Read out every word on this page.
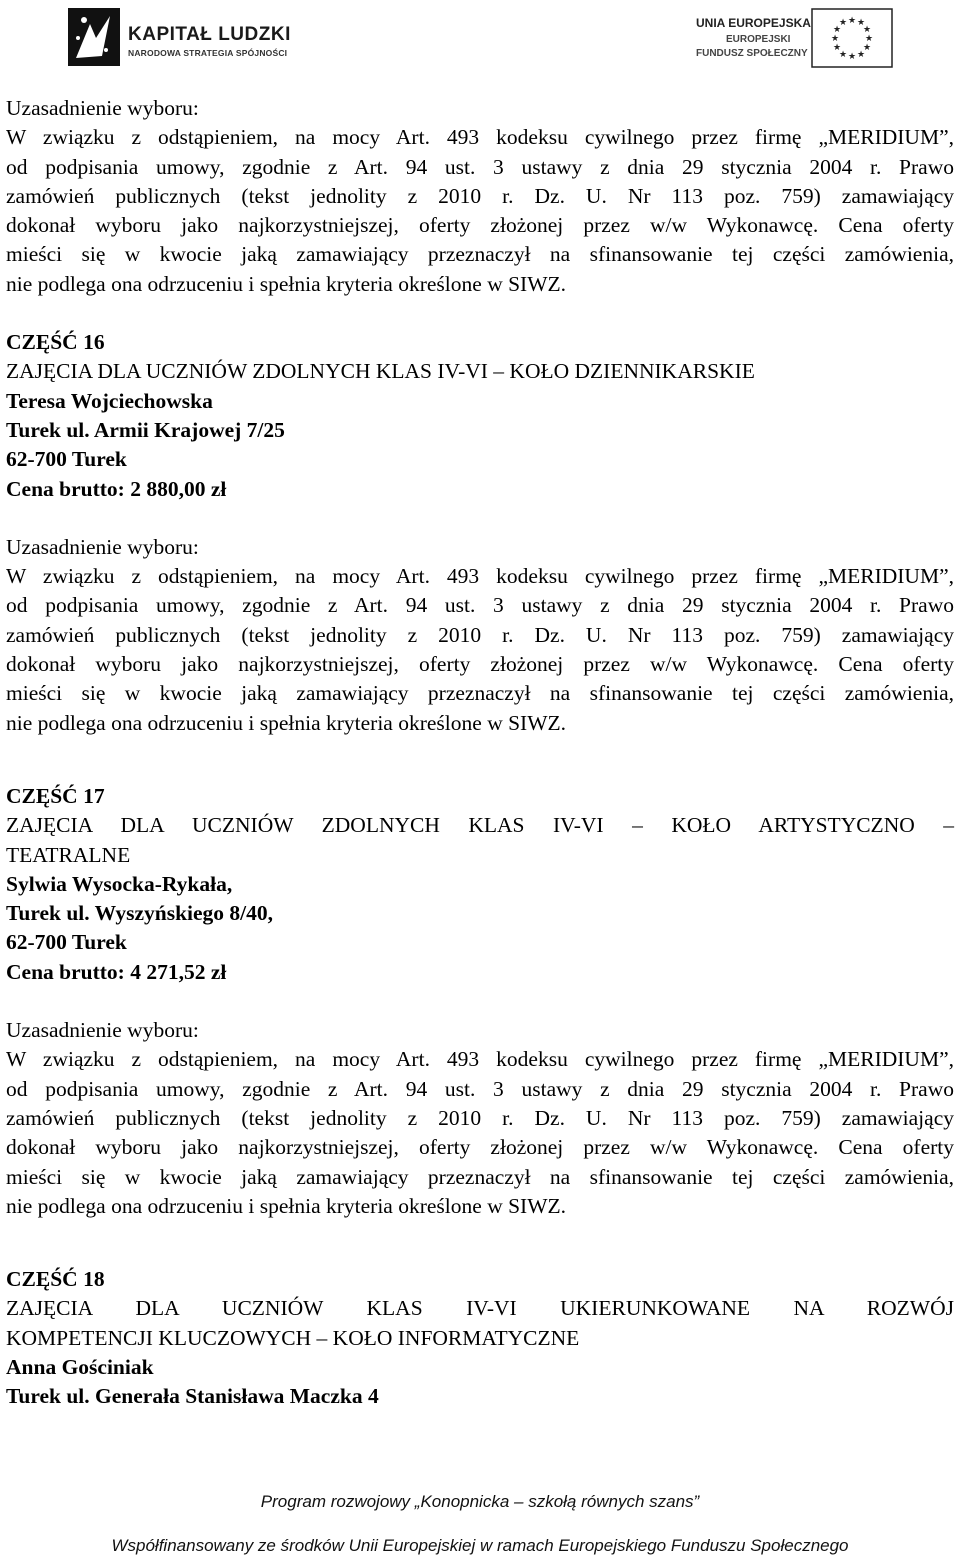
KAPITAŁ LUDZKI
NARODOWA STRATEGIA SPÓJNOŚCI
UNIA EUROPEJSKA
EUROPEJSKI
FUNDUSZ SPOŁECZNY
★ ★
★
★
★
★
★
★
★
★
★
★

Uzasadnienie wyboru:

W związku z odstąpieniem, na mocy Art. 493 kodeksu cywilnego przez firmę „MERIDIUM”,

od podpisania umowy, zgodnie z Art. 94 ust. 3 ustawy z dnia 29 stycznia 2004 r. Prawo

zamówień publicznych (tekst jednolity z 2010 r. Dz. U. Nr 113 poz. 759) zamawiający

dokonał wyboru jako najkorzystniejszej, oferty złożonej przez w/w Wykonawcę. Cena oferty

mieści się w kwocie jaką zamawiający przeznaczył na sfinansowanie tej części zamówienia,

nie podlega ona odrzuceniu i spełnia kryteria określone w SIWZ.

CZĘŚĆ 16

ZAJĘCIA DLA UCZNIÓW ZDOLNYCH KLAS IV-VI – KOŁO DZIENNIKARSKIE

Teresa Wojciechowska

Turek ul. Armii Krajowej 7/25

62-700 Turek

Cena brutto: 2 880,00 zł

Uzasadnienie wyboru:

W związku z odstąpieniem, na mocy Art. 493 kodeksu cywilnego przez firmę „MERIDIUM”,

od podpisania umowy, zgodnie z Art. 94 ust. 3 ustawy z dnia 29 stycznia 2004 r. Prawo

zamówień publicznych (tekst jednolity z 2010 r. Dz. U. Nr 113 poz. 759) zamawiający

dokonał wyboru jako najkorzystniejszej, oferty złożonej przez w/w Wykonawcę. Cena oferty

mieści się w kwocie jaką zamawiający przeznaczył na sfinansowanie tej części zamówienia,

nie podlega ona odrzuceniu i spełnia kryteria określone w SIWZ.

CZĘŚĆ 17

ZAJĘCIA DLA UCZNIÓW ZDOLNYCH KLAS IV-VI – KOŁO ARTYSTYCZNO –

TEATRALNE

Sylwia Wysocka-Rykała,

Turek ul. Wyszyńskiego 8/40,

62-700 Turek

Cena brutto: 4 271,52 zł

Uzasadnienie wyboru:

W związku z odstąpieniem, na mocy Art. 493 kodeksu cywilnego przez firmę „MERIDIUM”,

od podpisania umowy, zgodnie z Art. 94 ust. 3 ustawy z dnia 29 stycznia 2004 r. Prawo

zamówień publicznych (tekst jednolity z 2010 r. Dz. U. Nr 113 poz. 759) zamawiający

dokonał wyboru jako najkorzystniejszej, oferty złożonej przez w/w Wykonawcę. Cena oferty

mieści się w kwocie jaką zamawiający przeznaczył na sfinansowanie tej części zamówienia,

nie podlega ona odrzuceniu i spełnia kryteria określone w SIWZ.

CZĘŚĆ 18

ZAJĘCIA DLA UCZNIÓW KLAS IV-VI UKIERUNKOWANE NA ROZWÓJ

KOMPETENCJI KLUCZOWYCH – KOŁO INFORMATYCZNE

Anna Gościniak

Turek ul. Generała Stanisława Maczka 4

Program rozwojowy „Konopnicka – szkołą równych szans”
Współfinansowany ze środków Unii Europejskiej w ramach Europejskiego Funduszu Społecznego
